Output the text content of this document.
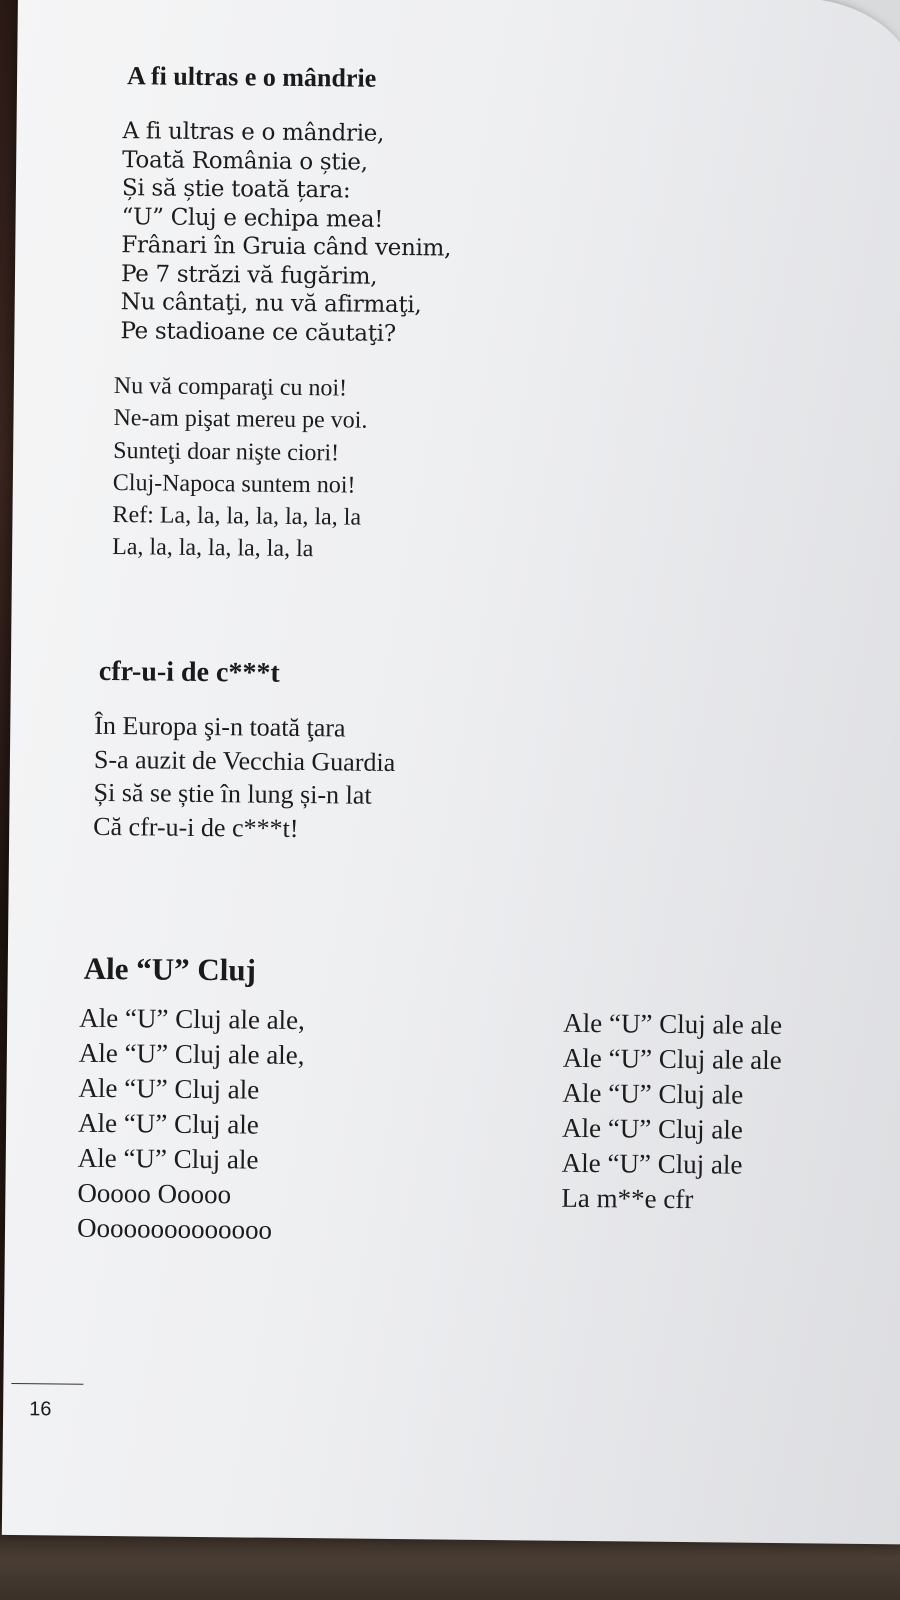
A fi ultras e o mândrie
A fi ultras e o mândrie,
Toată România o știe,
Și să știe toată țara:
“U” Cluj e echipa mea!
Frânari în Gruia când venim,
Pe 7 străzi vă fugărim,
Nu cântaţi, nu vă afirmaţi,
Pe stadioane ce căutaţi?
Nu vă comparaţi cu noi!
Ne-am pişat mereu pe voi.
Sunteţi doar nişte ciori!
Cluj-Napoca suntem noi!
Ref: La, la, la, la, la, la, la
La, la, la, la, la, la, la
cfr-u-i de c***t
În Europa şi-n toată ţara
S-a auzit de Vecchia Guardia
Și să se știe în lung și-n lat
Că cfr-u-i de c***t!
Ale “U” Cluj
Ale “U” Cluj ale ale,
Ale “U” Cluj ale ale,
Ale “U” Cluj ale
Ale “U” Cluj ale
Ale “U” Cluj ale
Ooooo Ooooo
Oooooooooooooo
Ale “U” Cluj ale ale
Ale “U” Cluj ale ale
Ale “U” Cluj ale
Ale “U” Cluj ale
Ale “U” Cluj ale
La m**e cfr
16
